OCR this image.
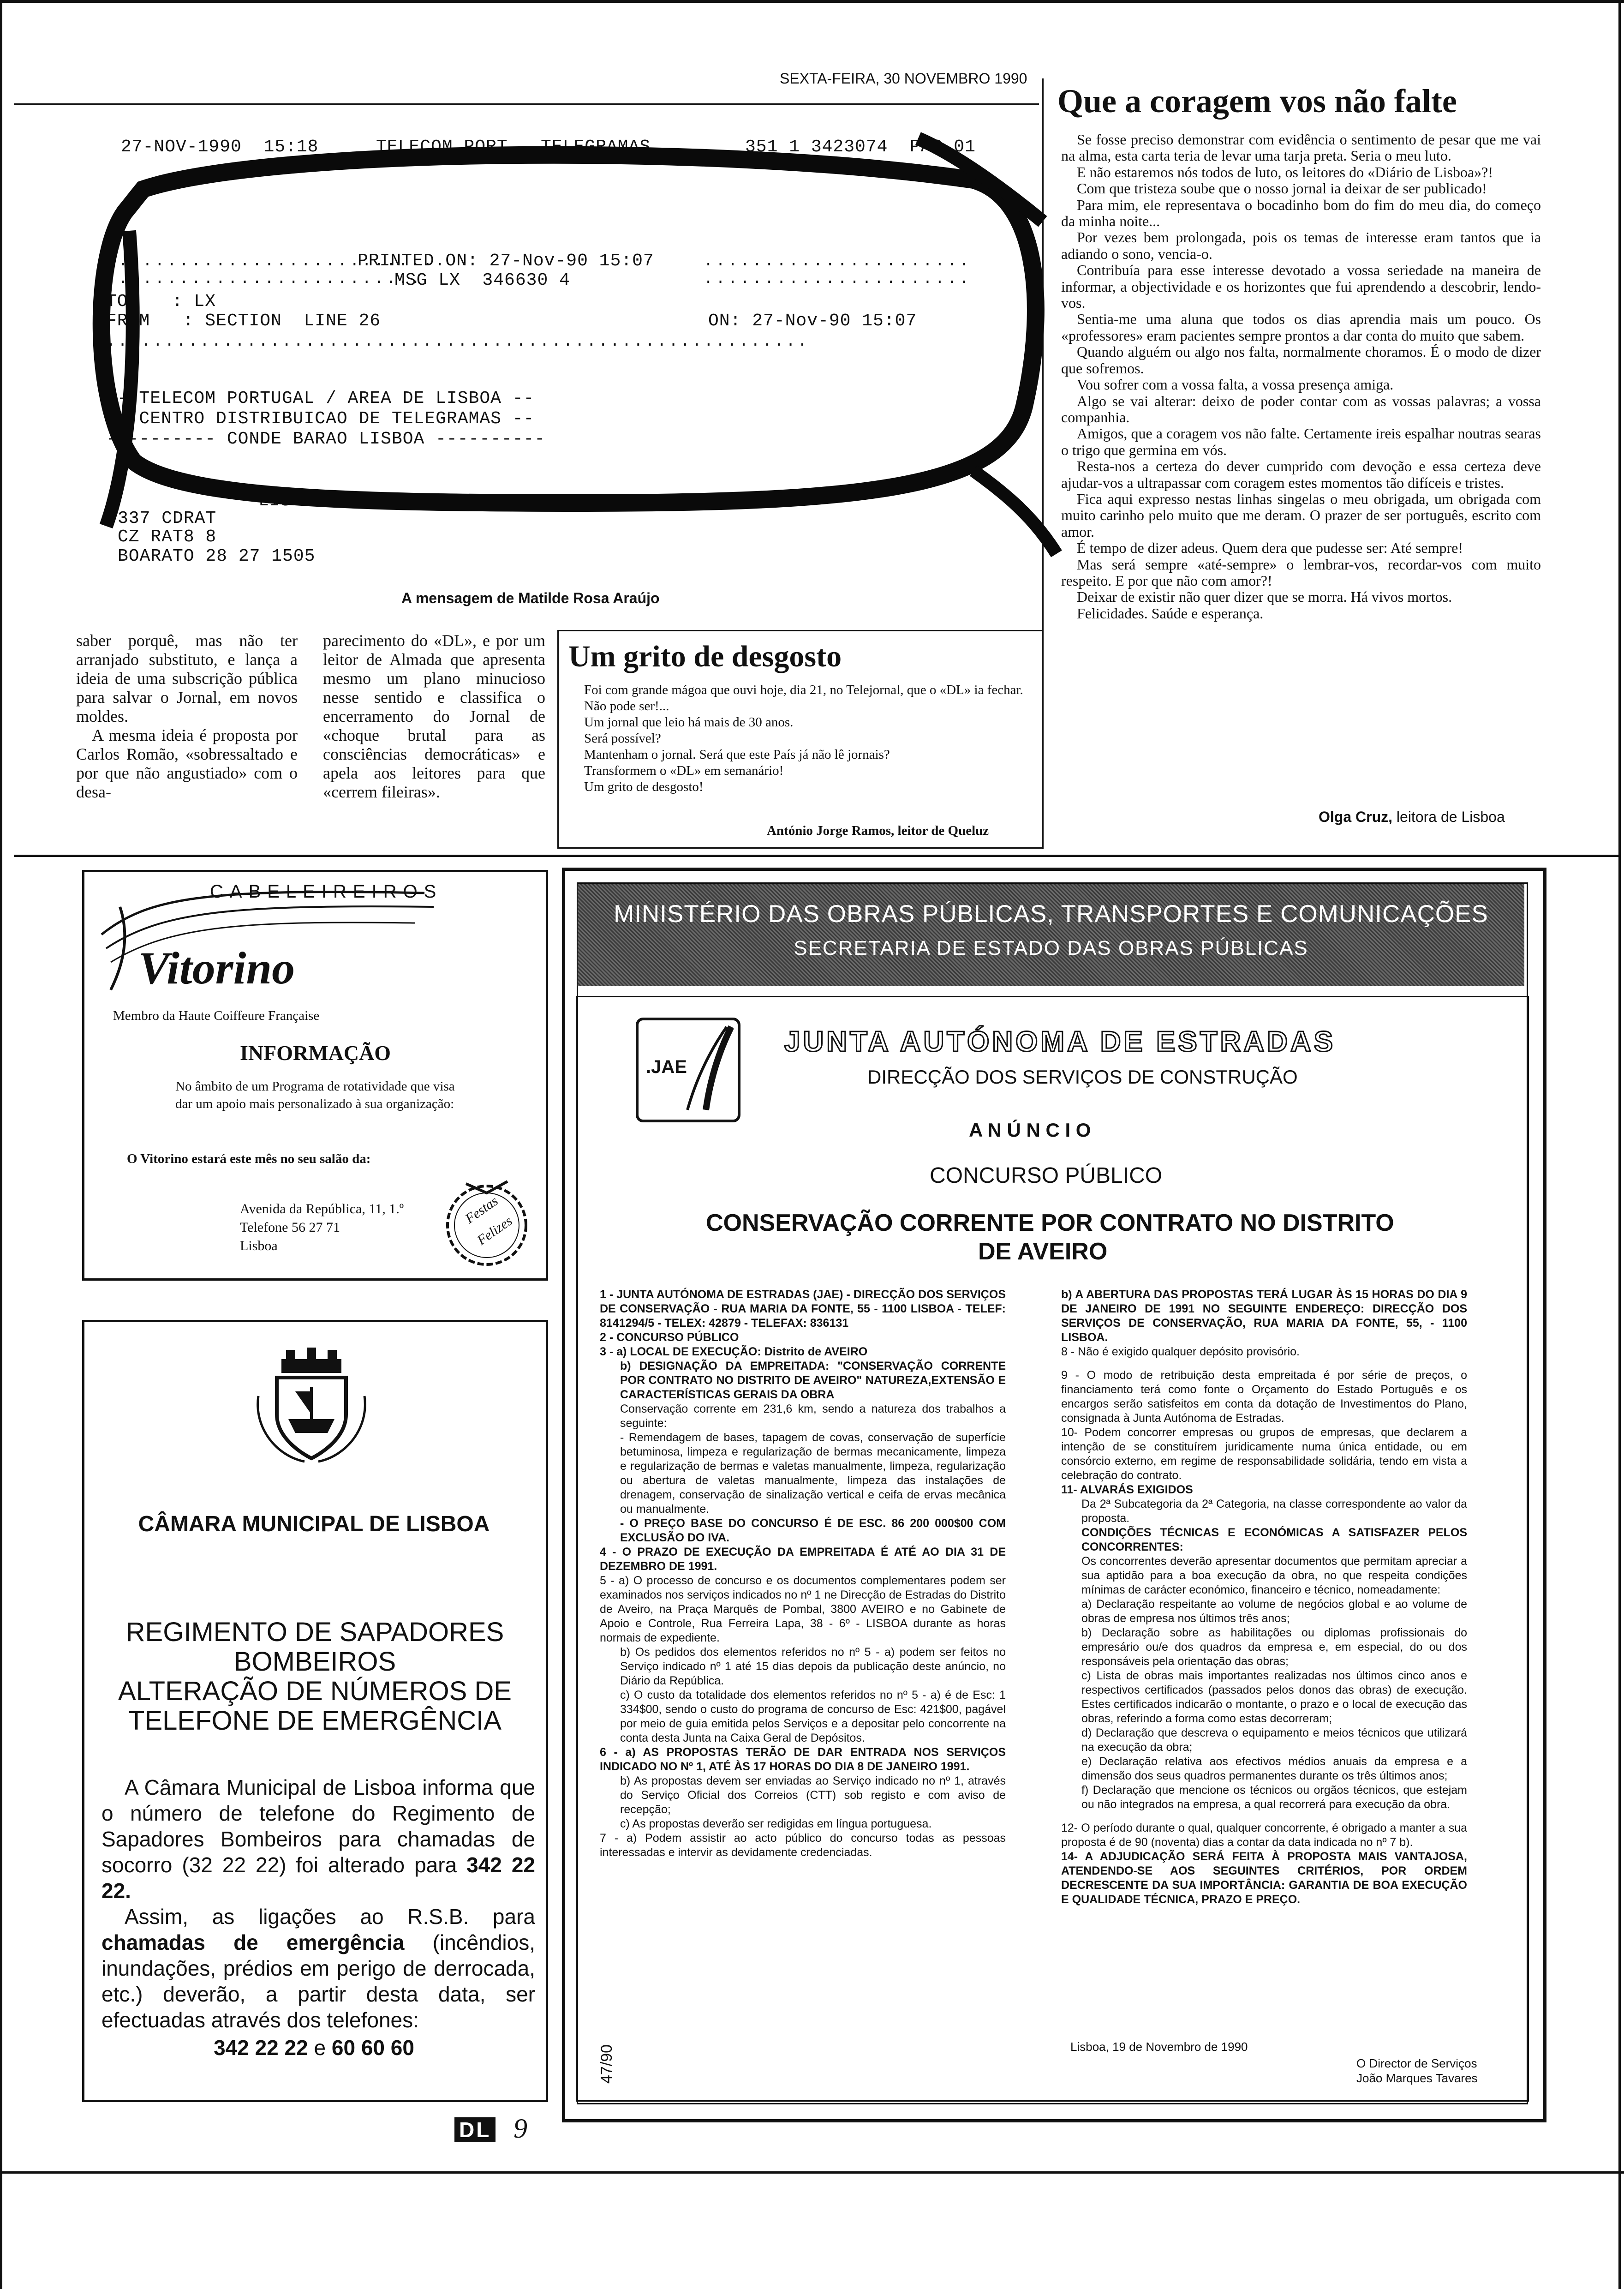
SEXTA-FEIRA, 30 NOVEMBRO 1990
27-NOV-1990  15:18	TELECOM PORT - TELEGRAMAS	351 1 3423074  PAG.01
............................
PRINTED ON: 27-Nov-90 15:07	......................
..........................
MSG LX  346630 4	......................
TO    : LX
FROM   : SECTION  LINE 26	ON: 27-Nov-90 15:07
............................................................
-- TELECOM PORTUGAL / AREA DE LISBOA --
-- CENTRO DISTRIBUICAO DE TELEGRAMAS --
---------- CONDE BARAO LISBOA ----------
LISB P
337 CDRAT
CZ RAT8 8
BOARATO 28 27 1505
A mensagem de Matilde Rosa Araújo

saber porquê, mas não ter arranjado substituto, e lança a ideia de uma subscrição pública para salvar o Jornal, em novos moldes.

A mesma ideia é proposta por Carlos Romão, «sobressaltado e por que não angustiado» com o desa-

parecimento do «DL», e por um leitor de Almada que apresenta mesmo um plano minucioso nesse sentido e classifica o encerramento do Jornal de «choque brutal para as consciências democráticas» e apela aos leitores para que «cerrem fileiras».

Um grito de desgosto
Foi com grande mágoa que ouvi hoje, dia 21, no Telejornal, que o «DL» ia fechar.
Não pode ser!...
Um jornal que leio há mais de 30 anos.
Será possível?
Mantenham o jornal. Será que este País já não lê jornais?
Transformem o «DL» em semanário!
Um grito de desgosto!
António Jorge Ramos, leitor de Queluz
Que a coragem vos não falte

Se fosse preciso demonstrar com evidência o sentimento de pesar que me vai na alma, esta carta teria de levar uma tarja preta. Seria o meu luto.

E não estaremos nós todos de luto, os leitores do «Diário de Lisboa»?!

Com que tristeza soube que o nosso jornal ia deixar de ser publicado!

Para mim, ele representava o bocadinho bom do fim do meu dia, do começo da minha noite...

Por vezes bem prolongada, pois os temas de interesse eram tantos que ia adiando o sono, vencia-o.

Contribuía para esse interesse devotado a vossa seriedade na maneira de informar, a objectividade e os horizontes que fui aprendendo a descobrir, lendo-vos.

Sentia-me uma aluna que todos os dias aprendia mais um pouco. Os «professores» eram pacientes sempre prontos a dar conta do muito que sabem.

Quando alguém ou algo nos falta, normalmente choramos. É o modo de dizer que sofremos.

Vou sofrer com a vossa falta, a vossa presença amiga.

Algo se vai alterar: deixo de poder contar com as vossas palavras; a vossa companhia.

Amigos, que a coragem vos não falte. Certamente ireis espalhar noutras searas o trigo que germina em vós.

Resta-nos a certeza do dever cumprido com devoção e essa certeza deve ajudar-vos a ultrapassar com coragem estes momentos tão difíceis e tristes.

Fica aqui expresso nestas linhas singelas o meu obrigada, um obrigada com muito carinho pelo muito que me deram. O prazer de ser português, escrito com amor.

É tempo de dizer adeus. Quem dera que pudesse ser: Até sempre!

Mas será sempre «até-sempre» o lembrar-vos, recordar-vos com muito respeito. E por que não com amor?!

Deixar de existir não quer dizer que se morra. Há vivos mortos.

Felicidades. Saúde e esperança.

Olga Cruz, leitora de Lisboa
CABELEIREIROS
Vitorino
Membro da Haute Coiffeure Française
INFORMAÇÃO
No âmbito de um Programa de rotatividade que visa dar um apoio mais personalizado à sua organização:
O Vitorino estará este mês no seu salão da:
Avenida da República, 11, 1.º
Telefone 56 27 71
Lisboa
Festas
Felizes
CÂMARA MUNICIPAL DE LISBOA
REGIMENTO DE SAPADORES BOMBEIROS
ALTERAÇÃO DE NÚMEROS DE TELEFONE DE EMERGÊNCIA
A Câmara Municipal de Lisboa informa que o número de telefone do Regimento de Sapadores Bombeiros para chamadas de socorro (32 22 22) foi alterado para 342 22 22.
Assim, as ligações ao R.S.B. para chamadas de emergência (incêndios, inundações, prédios em perigo de derrocada, etc.) deverão, a partir desta data, ser efectuadas através dos telefones:
342 22 22 e 60 60 60
MINISTÉRIO DAS OBRAS PÚBLICAS, TRANSPORTES E COMUNICAÇÕES
SECRETARIA DE ESTADO DAS OBRAS PÚBLICAS
.JAE
JUNTA AUTÓNOMA DE ESTRADAS
DIRECÇÃO DOS SERVIÇOS DE CONSTRUÇÃO
A N Ú N C I O
CONCURSO PÚBLICO
CONSERVAÇÃO CORRENTE POR CONTRATO NO DISTRITO
DE AVEIRO

1 - JUNTA AUTÓNOMA DE ESTRADAS (JAE) - DIRECÇÃO DOS SERVIÇOS DE CONSERVAÇÃO - RUA MARIA DA FONTE, 55 - 1100 LISBOA - TELEF: 8141294/5 - TELEX: 42879 - TELEFAX: 836131

2 - CONCURSO PÚBLICO

3 - a) LOCAL DE EXECUÇÃO: Distrito de AVEIRO

b) DESIGNAÇÃO DA EMPREITADA: "CONSERVAÇÃO CORRENTE POR CONTRATO NO DISTRITO DE AVEIRO" NATUREZA,EXTENSÃO E CARACTERÍSTICAS GERAIS DA OBRA

Conservação corrente em 231,6 km, sendo a natureza dos trabalhos a seguinte:

- Remendagem de bases, tapagem de covas, conservação de superfície betuminosa, limpeza e regularização de bermas mecanicamente, limpeza e regularização de bermas e valetas manualmente, limpeza, regularização ou abertura de valetas manualmente, limpeza das instalações de drenagem, conservação de sinalização vertical e ceifa de ervas mecânica ou manualmente.

- O PREÇO BASE DO CONCURSO É DE ESC. 86 200 000$00 COM EXCLUSÃO DO IVA.

4 - O PRAZO DE EXECUÇÃO DA EMPREITADA É ATÉ AO DIA 31 DE DEZEMBRO DE 1991.

5 - a) O processo de concurso e os documentos complementares podem ser examinados nos serviços indicados no nº 1 ne Direcção de Estradas do Distrito de Aveiro, na Praça Marquês de Pombal, 3800 AVEIRO e no Gabinete de Apoio e Controle, Rua Ferreira Lapa, 38 - 6º - LISBOA durante as horas normais de expediente.

b) Os pedidos dos elementos referidos no nº 5 - a) podem ser feitos no Serviço indicado nº 1 até 15 dias depois da publicação deste anúncio, no Diário da República.

c) O custo da totalidade dos elementos referidos no nº 5 - a) é de Esc: 1 334$00, sendo o custo do programa de concurso de Esc: 421$00, pagável por meio de guia emitida pelos Serviços e a depositar pelo concorrente na conta desta Junta na Caixa Geral de Depósitos.

6 - a) AS PROPOSTAS TERÃO DE DAR ENTRADA NOS SERVIÇOS INDICADO NO Nº 1, ATÉ ÀS 17 HORAS DO DIA 8 DE JANEIRO 1991.

b) As propostas devem ser enviadas ao Serviço indicado no nº 1, através do Serviço Oficial dos Correios (CTT) sob registo e com aviso de recepção;

c) As propostas deverão ser redigidas em língua portuguesa.

7 - a) Podem assistir ao acto público do concurso todas as pessoas interessadas e intervir as devidamente credenciadas.

b) A ABERTURA DAS PROPOSTAS TERÁ LUGAR ÀS 15 HORAS DO DIA 9 DE JANEIRO DE 1991 NO SEGUINTE ENDEREÇO: DIRECÇÃO DOS SERVIÇOS DE CONSERVAÇÃO, RUA MARIA DA FONTE, 55, - 1100 LISBOA.

8 - Não é exigido qualquer depósito provisório.

9 - O modo de retribuição desta empreitada é por série de preços, o financiamento terá como fonte o Orçamento do Estado Português e os encargos serão satisfeitos em conta da dotação de Investimentos do Plano, consignada à Junta Autónoma de Estradas.

10- Podem concorrer empresas ou grupos de empresas, que declarem a intenção de se constituírem juridicamente numa única entidade, ou em consórcio externo, em regime de responsabilidade solidária, tendo em vista a celebração do contrato.

11- ALVARÁS EXIGIDOS

Da 2ª Subcategoria da 2ª Categoria, na classe correspondente ao valor da proposta.

CONDIÇÕES TÉCNICAS E ECONÓMICAS A SATISFAZER PELOS CONCORRENTES:

Os concorrentes deverão apresentar documentos que permitam apreciar a sua aptidão para a boa execução da obra, no que respeita condições mínimas de carácter económico, financeiro e técnico, nomeadamente:

a) Declaração respeitante ao volume de negócios global e ao volume de obras de empresa nos últimos três anos;

b) Declaração sobre as habilitações ou diplomas profissionais do empresário ou/e dos quadros da empresa e, em especial, do ou dos responsáveis pela orientação das obras;

c) Lista de obras mais importantes realizadas nos últimos cinco anos e respectivos certificados (passados pelos donos das obras) de execução. Estes certificados indicarão o montante, o prazo e o local de execução das obras, referindo a forma como estas decorreram;

d) Declaração que descreva o equipamento e meios técnicos que utilizará na execução da obra;

e) Declaração relativa aos efectivos médios anuais da empresa e a dimensão dos seus quadros permanentes durante os três últimos anos;

f) Declaração que mencione os técnicos ou orgãos técnicos, que estejam ou não integrados na empresa, a qual recorrerá para execução da obra.

12- O período durante o qual, qualquer concorrente, é obrigado a manter a sua proposta é de 90 (noventa) dias a contar da data indicada no nº 7 b).

14- A ADJUDICAÇÃO SERÁ FEITA À PROPOSTA MAIS VANTAJOSA, ATENDENDO-SE AOS SEGUINTES CRITÉRIOS, POR ORDEM DECRESCENTE DA SUA IMPORTÂNCIA: GARANTIA DE BOA EXECUÇÃO E QUALIDADE TÉCNICA, PRAZO E PREÇO.

Lisboa, 19 de Novembro de 1990
O Director de Serviços
João Marques Tavares
47/90
DL 9
